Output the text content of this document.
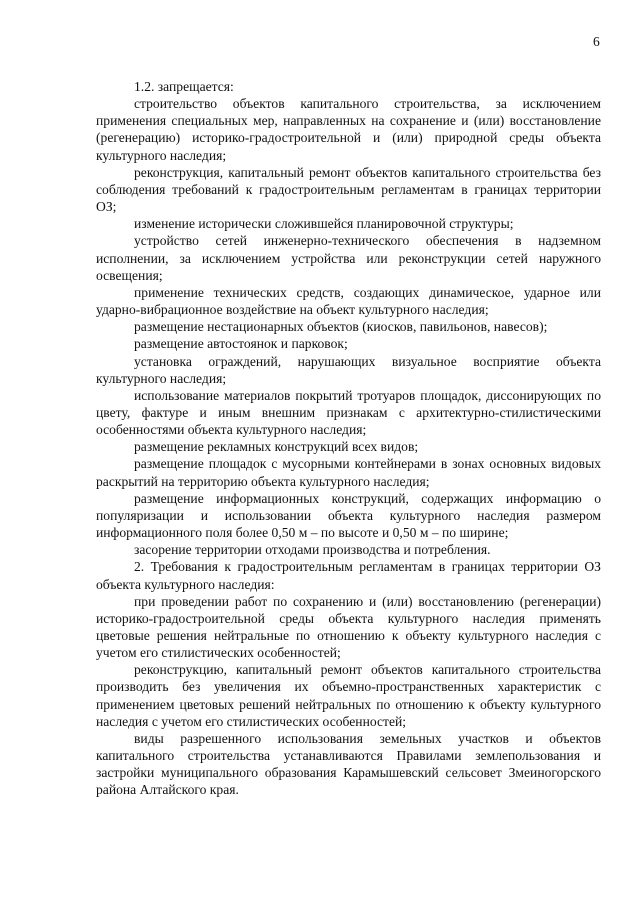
6

1.2. запрещается:

строительство объектов капитального строительства, за исключением применения специальных мер, направленных на сохранение и (или) восстановление (регенерацию) историко-градостроительной и (или) природной среды объекта культурного наследия;

реконструкция, капитальный ремонт объектов капитального строительства без соблюдения требований к градостроительным регламентам в границах территории ОЗ;

изменение исторически сложившейся планировочной структуры;

устройство сетей инженерно-технического обеспечения в надземном исполнении, за исключением устройства или реконструкции сетей наружного освещения;

применение технических средств, создающих динамическое, ударное или ударно-вибрационное воздействие на объект культурного наследия;

размещение нестационарных объектов (киосков, павильонов, навесов);

размещение автостоянок и парковок;

установка ограждений, нарушающих визуальное восприятие объекта культурного наследия;

использование материалов покрытий тротуаров площадок, диссонирующих по цвету, фактуре и иным внешним признакам с архитектурно-стилистическими особенностями объекта культурного наследия;

размещение рекламных конструкций всех видов;

размещение площадок с мусорными контейнерами в зонах основных видовых раскрытий на территорию объекта культурного наследия;

размещение информационных конструкций, содержащих информацию о популяризации и использовании объекта культурного наследия размером информационного поля более 0,50 м – по высоте и 0,50 м – по ширине;

засорение территории отходами производства и потребления.

2. Требования к градостроительным регламентам в границах территории ОЗ объекта культурного наследия:

при проведении работ по сохранению и (или) восстановлению (регенерации) историко-градостроительной среды объекта культурного наследия применять цветовые решения нейтральные по отношению к объекту культурного наследия с учетом его стилистических особенностей;

реконструкцию, капитальный ремонт объектов капитального строительства производить без увеличения их объемно-пространственных характеристик с применением цветовых решений нейтральных по отношению к объекту культурного наследия с учетом его стилистических особенностей;

виды разрешенного использования земельных участков и объектов капитального строительства устанавливаются Правилами землепользования и застройки муниципального образования Карамышевский сельсовет Змеиногорского района Алтайского края.
